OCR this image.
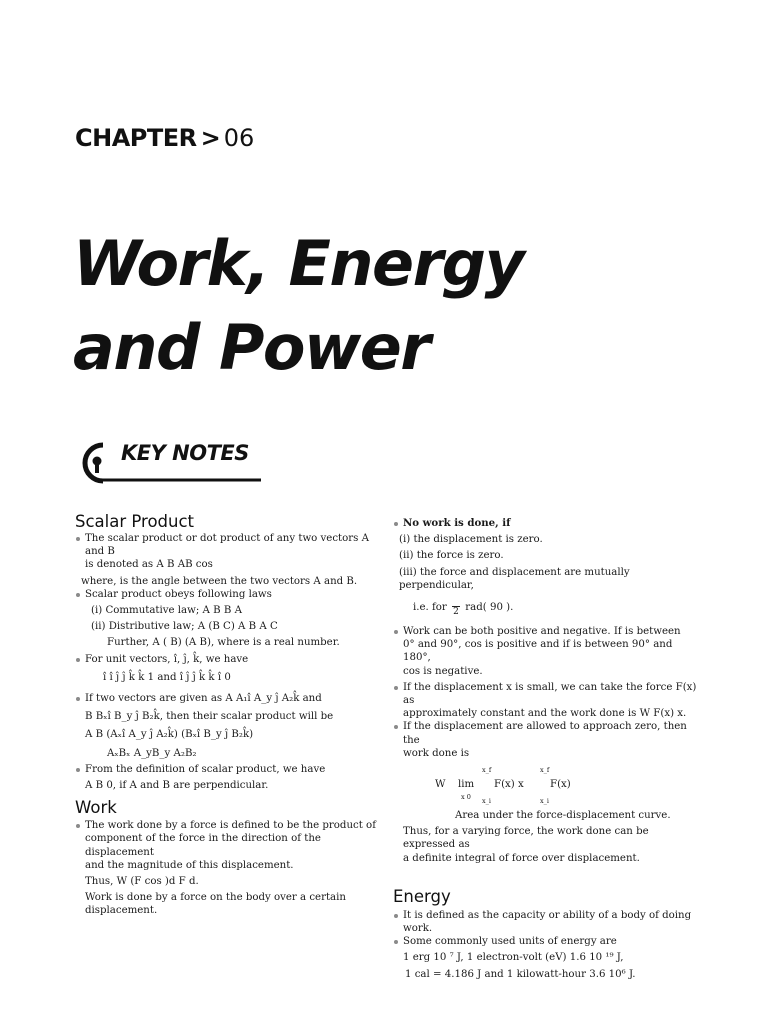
CHAPTER > 06
Work, Energy
and Power
KEY NOTES
Scalar Product
The scalar product or dot product of any two vectors A and B
is denoted as A B AB cos
where, is the angle between the two vectors A and B.
Scalar product obeys following laws
(i) Commutative law; A B B A
(ii) Distributive law; A (B C) A B A C
Further, A ( B) (A B), where is a real number.
For unit vectors, î, ĵ, k̂, we have
î î ĵ ĵ k̂ k̂ 1 and î ĵ ĵ k̂ k̂ î 0
If two vectors are given as A A₁î A_y ĵ A₂k̂ and
B Bₓî B_y ĵ B₂k̂, then their scalar product will be
A B (Aₓî A_y ĵ A₂k̂) (Bₓî B_y ĵ B₂k̂)
AₓBₓ A_yB_y A₂B₂
From the definition of scalar product, we have
A B 0, if A and B are perpendicular.
Work
The work done by a force is defined to be the product of
component of the force in the direction of the displacement
and the magnitude of this displacement.
Thus, W (F cos )d F d.
Work is done by a force on the body over a certain
displacement.
No work is done, if
(i) the displacement is zero.
(ii) the force is zero.
(iii) the force and displacement are mutually perpendicular,
i.e. for 2 rad( 90 ).
Work can be both positive and negative. If is between
0° and 90°, cos is positive and if is between 90° and 180°,
cos is negative.
If the displacement x is small, we can take the force F(x) as
approximately constant and the work done is W F(x) x.
If the displacement are allowed to approach zero, then the
work done is
W lim
x 0
x_f
x_i
F(x) x
x_f
x_i
F(x)
Area under the force-displacement curve.
Thus, for a varying force, the work done can be expressed as
a definite integral of force over displacement.
Energy
It is defined as the capacity or ability of a body of doing work.
Some commonly used units of energy are
1 erg 10 ⁷ J, 1 electron-volt (eV) 1.6 10 ¹⁹ J,
1 cal = 4.186 J and 1 kilowatt-hour 3.6 10⁶ J.
